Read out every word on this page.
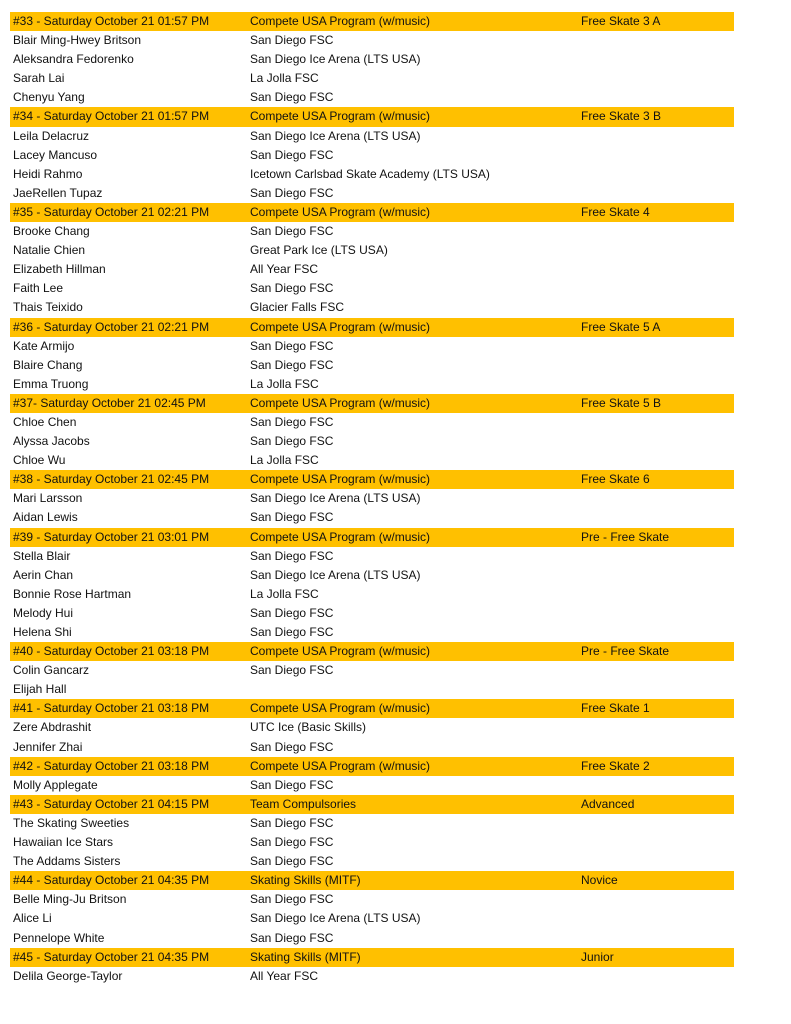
#33 - Saturday October 21 01:57 PM	Compete USA Program (w/music)	Free Skate 3 A
Blair Ming-Hwey Britson	San Diego FSC
Aleksandra Fedorenko	San Diego Ice Arena (LTS USA)
Sarah Lai	La Jolla FSC
Chenyu Yang	San Diego FSC
#34 - Saturday October 21 01:57 PM	Compete USA Program (w/music)	Free Skate 3 B
Leila Delacruz	San Diego Ice Arena (LTS USA)
Lacey Mancuso	San Diego FSC
Heidi Rahmo	Icetown Carlsbad Skate Academy (LTS USA)
JaeRellen Tupaz	San Diego FSC
#35 - Saturday October 21 02:21 PM	Compete USA Program (w/music)	Free Skate 4
Brooke Chang	San Diego FSC
Natalie Chien	Great Park Ice (LTS USA)
Elizabeth Hillman	All Year FSC
Faith Lee	San Diego FSC
Thais Teixido	Glacier Falls FSC
#36 - Saturday October 21 02:21 PM	Compete USA Program (w/music)	Free Skate 5 A
Kate Armijo	San Diego FSC
Blaire Chang	San Diego FSC
Emma Truong	La Jolla FSC
#37- Saturday October 21 02:45 PM	Compete USA Program (w/music)	Free Skate 5 B
Chloe Chen	San Diego FSC
Alyssa Jacobs	San Diego FSC
Chloe Wu	La Jolla FSC
#38 - Saturday October 21 02:45 PM	Compete USA Program (w/music)	Free Skate 6
Mari Larsson	San Diego Ice Arena (LTS USA)
Aidan Lewis	San Diego FSC
#39 - Saturday October 21 03:01 PM	Compete USA Program (w/music)	Pre - Free Skate
Stella Blair	San Diego FSC
Aerin Chan	San Diego Ice Arena (LTS USA)
Bonnie Rose Hartman	La Jolla FSC
Melody Hui	San Diego FSC
Helena Shi	San Diego FSC
#40 - Saturday October 21 03:18 PM	Compete USA Program (w/music)	Pre - Free Skate
Colin Gancarz	San Diego FSC
Elijah Hall
#41 - Saturday October 21 03:18 PM	Compete USA Program (w/music)	Free Skate 1
Zere Abdrashit	UTC Ice (Basic Skills)
Jennifer Zhai	San Diego FSC
#42 - Saturday October 21 03:18 PM	Compete USA Program (w/music)	Free Skate 2
Molly Applegate	San Diego FSC
#43 - Saturday October 21 04:15 PM	Team Compulsories	Advanced
The Skating Sweeties	San Diego FSC
Hawaiian Ice Stars	San Diego FSC
The Addams Sisters	San Diego FSC
#44 - Saturday October 21 04:35 PM	Skating Skills (MITF)	Novice
Belle Ming-Ju Britson	San Diego FSC
Alice Li	San Diego Ice Arena (LTS USA)
Pennelope White	San Diego FSC
#45 - Saturday October 21 04:35 PM	Skating Skills (MITF)	Junior
Delila George-Taylor	All Year FSC
